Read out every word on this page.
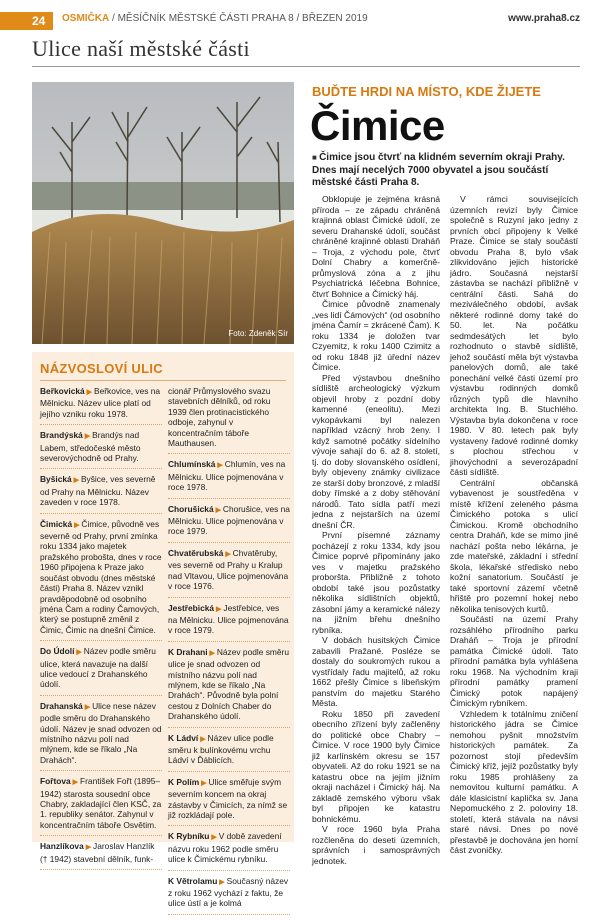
24	OSMIČKA / MĚSÍČNÍK MĚSTSKÉ ČÁSTI PRAHA 8 / BŘEZEN 2019	www.praha8.cz
Ulice naší městské části
Foto: Zdeněk Sír
NÁZVOSLOVÍ ULIC
Beřkovická ▶ Beřkovice, ves na Mělnicku. Název ulice platí od jejího vzniku roku 1978.
Brandýská ▶ Brandýs nad Labem, středočeské město severovýchodně od Prahy.
Byšická ▶ Byšice, ves severně od Prahy na Mělnicku. Název zaveden v roce 1978.
Čimická ▶ Čimice, původně ves severně od Prahy, první zmínka roku 1334 jako majetek pražského probošta, dnes v roce 1960 připojena k Praze jako součást obvodu (dnes městské části) Praha 8. Název vznikl pravděpodobně od osobního jména Čam a rodiny Čamových, který se postupně změnil z Čimic, Čimic na dnešní Čimice.
Do Údolí ▶ Název podle směru ulice, která navazuje na další ulice vedoucí z Drahanského údolí.
Drahanská ▶ Ulice nese název podle směru do Drahanského údolí. Název je snad odvozen od místního názvu polí nad mlýnem, kde se říkalo „Na Drahách“.
Fořtova ▶ František Fořt (1895–1942) starosta sousední obce Chabry, zakladající člen KSČ, za 1. republiky senátor. Zahynul v koncentračním táboře Osvětim.
Hanzlíkova ▶ Jaroslav Hanzlík († 1942) stavební dělník, funk-
cionář Průmyslového svazu stavebních dělníků, od roku 1939 člen protinacistického odboje, zahynul v koncentračním táboře Mauthausen.
Chlumínská ▶ Chlumín, ves na Mělnicku. Ulice pojmenována v roce 1978.
Chorušická ▶ Chorušice, ves na Mělnicku. Ulice pojmenována v roce 1979.
Chvatěrubská ▶ Chvatěruby, ves severně od Prahy u Kralup nad Vltavou, Ulice pojmenována v roce 1976.
Jestřebická ▶ Jestřebice, ves na Mělnicku. Ulice pojmenována v roce 1979.
K Drahani ▶ Název podle směru ulice je snad odvozen od místního názvu polí nad mlýnem, kde se říkalo „Na Drahách“. Původně byla polní cestou z Dolních Chaber do Drahanského údolí.
K Ládví ▶ Název ulice podle směru k bulínkovému vrchu Ládví v Ďáblicích.
K Polím ▶ Ulice směřuje svým severním koncem na okraj zástavby v Čimicích, za nímž se již rozkládají pole.
K Rybníku ▶ V době zavedení názvu roku 1962 podle směru ulice k Čimickému rybníku.
K Větrolamu ▶ Současný název z roku 1962 vychází z faktu, že ulice ústí a je kolmá
BUĎTE HRDI NA MÍSTO, KDE ŽIJETE
Čimice
■ Čimice jsou čtvrť na klidném severním okraji Prahy. Dnes mají necelých 7000 obyvatel a jsou součástí městské části Praha 8.

Obklopuje je zejména krásná příroda – ze západu chráněná krajinná oblast Čimické údolí, ze severu Drahanské údolí, součást chráněné krajinné oblasti Draháň – Troja, z východu pole, čtvrť Dolní Chabry a komerčně-průmyslová zóna a z jihu Psychiatrická léčebna Bohnice, čtvrť Bohnice a Čimický háj.

Čimice původně znamenaly „ves lidí Čámových“ (od osobního jména Čamír = zkrácené Čam). K roku 1334 je doložen tvar Czyemitz, k roku 1400 Czimitz a od roku 1848 již úřední název Čimice.

Před výstavbou dnešního sídliště archeologický výzkum objevil hroby z pozdní doby kamenné (eneolitu). Mezi vykopávkami byl nalezen například vzácný hrob ženy. I když samotné počátky sídelního vývoje sahají do 6. až 8. století, tj. do doby slovanského osídlení, byly objeveny známky civilizace ze starší doby bronzové, z mladší doby římské a z doby stěhování národů. Tato sídla patří mezi jedna z nejstarších na území dnešní ČR.

První písemné záznamy pocházejí z roku 1334, kdy jsou Čimice poprvé připomínány jako ves v majetku pražského proboršta. Přibližně z tohoto období také jsou pozůstatky několika sídlištních objektů, zásobní jámy a keramické nálezy na jižním břehu dnešního rybníka.

V dobách husitských Čimice zabavili Pražané. Posléze se dostaly do soukromých rukou a vystřídaly řadu majitelů, až roku 1662 přešly Čimice s libeňským panstvím do majetku Starého Města.

Roku 1850 při zavedení obecního zřízení byly začleněny do politické obce Chabry – Čimice. V roce 1900 byly Čimice již karlínském okresu se 157 obyvateli. Až do roku 1921 se na katastru obce na jejím jižním okraji nacházel i Čimický háj. Na základě zemského výboru však byl připojen ke katastru bohnickému.

V roce 1960 byla Praha rozčleněna do deseti územních, správních i samosprávných jednotek.

V rámci souvisejících územních revizí byly Čimice společně s Ruzyní jako jedny z prvních obcí připojeny k Velké Praze. Čimice se staly součástí obvodu Praha 8, bylo však zlikvidováno jejich historické jádro. Současná nejstarší zástavba se nachází přibližně v centrální části. Sahá do meziválečného období, avšak některé rodinné domy také do 50. let. Na počátku sedmdesátých let bylo rozhodnuto o stavbě sídliště, jehož součástí měla být výstavba panelových domů, ale také ponechání velké části území pro výstavbu rodinných domků různých typů dle hlavního architekta Ing. B. Stuchlého. Výstavba byla dokončena v roce 1980. V 80. letech pak byly vystaveny řadové rodinné domky s plochou střechou v jihovýchodní a severozápadní části sídliště.

Centrální občanská vybavenost je soustředěna v místě křížení zeleného pásma Čimického potoka s ulicí Čimickou. Kromě obchodního centra Draháň, kde se mimo jiné nachází pošta nebo lékárna, je zde mateřské, základní i střední škola, lékařské středisko nebo kožní sanatorium. Součástí je také sportovní zázemí včetně hřiště pro pozemní hokej nebo několika tenisových kurtů.

Součástí na území Prahy rozsáhlého přírodního parku Draháň – Troja je přírodní památka Čimické údolí. Tato přírodní památka byla vyhlášena roku 1968. Na východním kraji přírodní památky pramení Čimický potok napájený Čimickým rybníkem.

Vzhledem k totálnímu zničení historického jádra se Čimice nemohou pyšnit množstvím historických památek. Za pozornost stojí především Čimický kříž, jejíž pozůstatky byly roku 1985 prohlášeny za nemovitou kulturní památku. A dále klasicistní kaplička sv. Jana Nepomuckého z 2. poloviny 18. století, která stávala na návsi staré návsi. Dnes po nové přestavbě je dochována jen horní část zvoničky.
